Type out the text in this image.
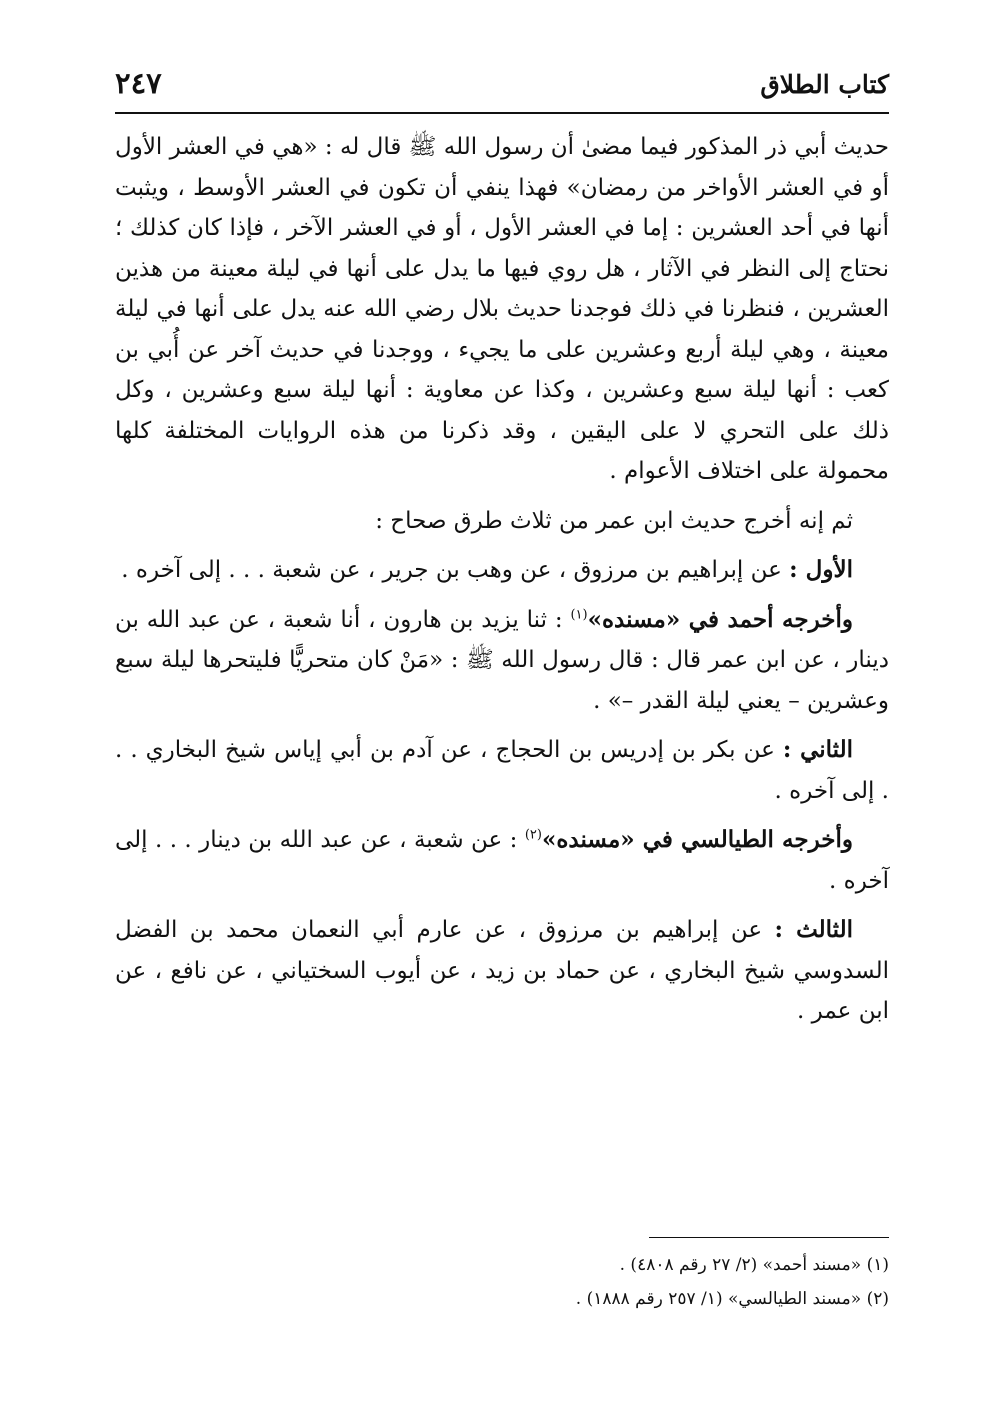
كتاب الطلاق
٢٤٧

حديث أبي ذر المذكور فيما مضىٰ أن رسول الله ﷺ قال له : «هي في العشر الأول أو في العشر الأواخر من رمضان» فهذا ينفي أن تكون في العشر الأوسط ، ويثبت أنها في أحد العشرين : إما في العشر الأول ، أو في العشر الآخر ، فإذا كان كذلك ؛ نحتاج إلى النظر في الآثار ، هل روي فيها ما يدل على أنها في ليلة معينة من هذين العشرين ، فنظرنا في ذلك فوجدنا حديث بلال رضي الله عنه يدل على أنها في ليلة معينة ، وهي ليلة أربع وعشرين على ما يجيء ، ووجدنا في حديث آخر عن أُبي بن كعب : أنها ليلة سبع وعشرين ، وكذا عن معاوية : أنها ليلة سبع وعشرين ، وكل ذلك على التحري لا على اليقين ، وقد ذكرنا من هذه الروايات المختلفة كلها محمولة على اختلاف الأعوام .

ثم إنه أخرج حديث ابن عمر من ثلاث طرق صحاح :

الأول : عن إبراهيم بن مرزوق ، عن وهب بن جرير ، عن شعبة . . . إلى آخره .

وأخرجه أحمد في «مسنده»$^{(١)}$ : ثنا يزيد بن هارون ، أنا شعبة ، عن عبد الله بن دينار ، عن ابن عمر قال : قال رسول الله ﷺ : «مَنْ كان متحريًّا فليتحرها ليلة سبع وعشرين – يعني ليلة القدر –» .

الثاني : عن بكر بن إدريس بن الحجاج ، عن آدم بن أبي إياس شيخ البخاري . . . إلى آخره .

وأخرجه الطيالسي في «مسنده»$^{(٢)}$ : عن شعبة ، عن عبد الله بن دينار . . . إلى آخره .

الثالث : عن إبراهيم بن مرزوق ، عن عارم أبي النعمان محمد بن الفضل السدوسي شيخ البخاري ، عن حماد بن زيد ، عن أيوب السختياني ، عن نافع ، عن ابن عمر .

(١) «مسند أحمد» (٢/ ٢٧ رقم ٤٨٠٨) .
(٢) «مسند الطيالسي» (١/ ٢٥٧ رقم ١٨٨٨) .
